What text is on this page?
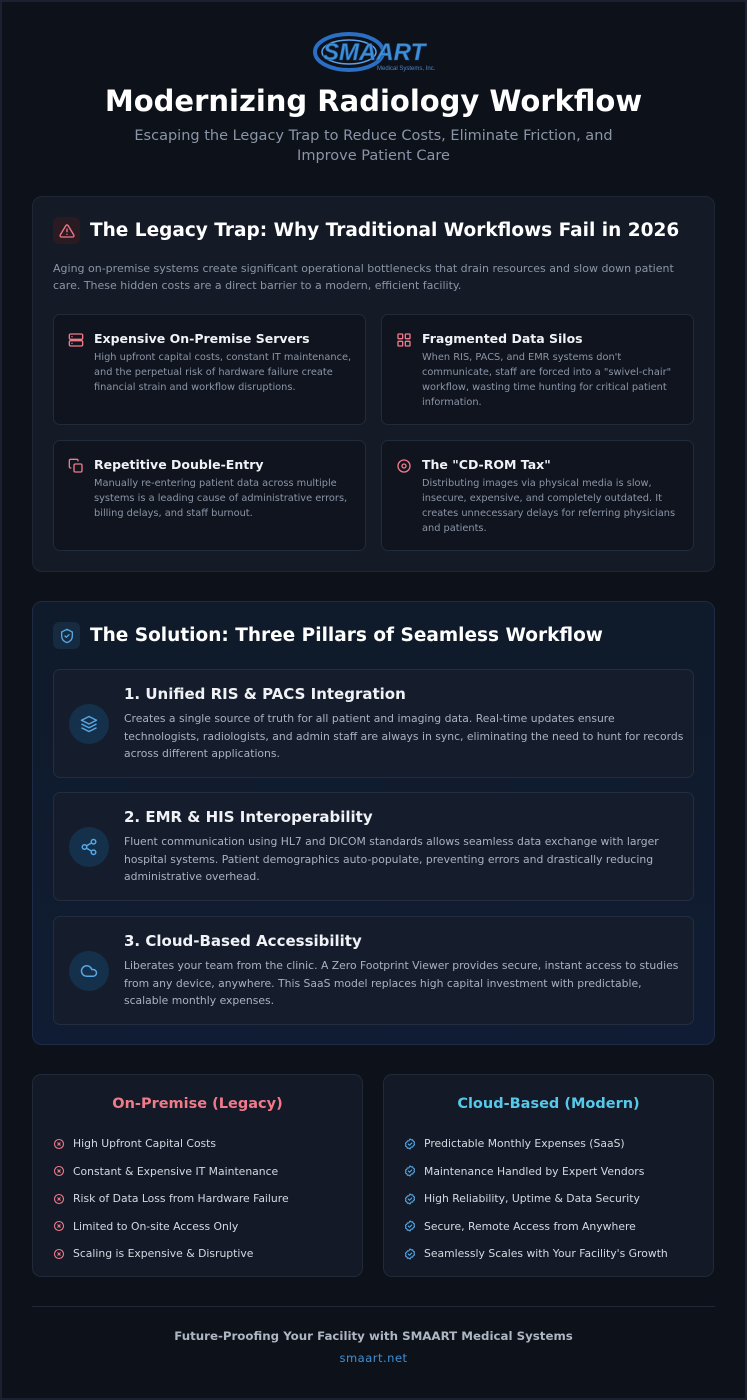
SMAART
Medical Systems, Inc.
Modernizing Radiology Workflow

Escaping the Legacy Trap to Reduce Costs, Eliminate Friction, and Improve Patient Care

The Legacy Trap: Why Traditional Workflows Fail in 2026

Aging on-premise systems create significant operational bottlenecks that drain resources and slow down patient care. These hidden costs are a direct barrier to a modern, efficient facility.

Expensive On-Premise Servers

High upfront capital costs, constant IT maintenance, and the perpetual risk of hardware failure create financial strain and workflow disruptions.

Fragmented Data Silos

When RIS, PACS, and EMR systems don't communicate, staff are forced into a "swivel-chair" workflow, wasting time hunting for critical patient information.

Repetitive Double-Entry

Manually re-entering patient data across multiple systems is a leading cause of administrative errors, billing delays, and staff burnout.

The "CD-ROM Tax"

Distributing images via physical media is slow, insecure, expensive, and completely outdated. It creates unnecessary delays for referring physicians and patients.

The Solution: Three Pillars of Seamless Workflow
1. Unified RIS & PACS Integration

Creates a single source of truth for all patient and imaging data. Real-time updates ensure technologists, radiologists, and admin staff are always in sync, eliminating the need to hunt for records across different applications.

2. EMR & HIS Interoperability

Fluent communication using HL7 and DICOM standards allows seamless data exchange with larger hospital systems. Patient demographics auto-populate, preventing errors and drastically reducing administrative overhead.

3. Cloud-Based Accessibility

Liberates your team from the clinic. A Zero Footprint Viewer provides secure, instant access to studies from any device, anywhere. This SaaS model replaces high capital investment with predictable, scalable monthly expenses.

On-Premise (Legacy)
High Upfront Capital Costs
Constant & Expensive IT Maintenance
Risk of Data Loss from Hardware Failure
Limited to On-site Access Only
Scaling is Expensive & Disruptive
Cloud-Based (Modern)
Predictable Monthly Expenses (SaaS)
Maintenance Handled by Expert Vendors
High Reliability, Uptime & Data Security
Secure, Remote Access from Anywhere
Seamlessly Scales with Your Facility's Growth

Future-Proofing Your Facility with SMAART Medical Systems

smaart.net
